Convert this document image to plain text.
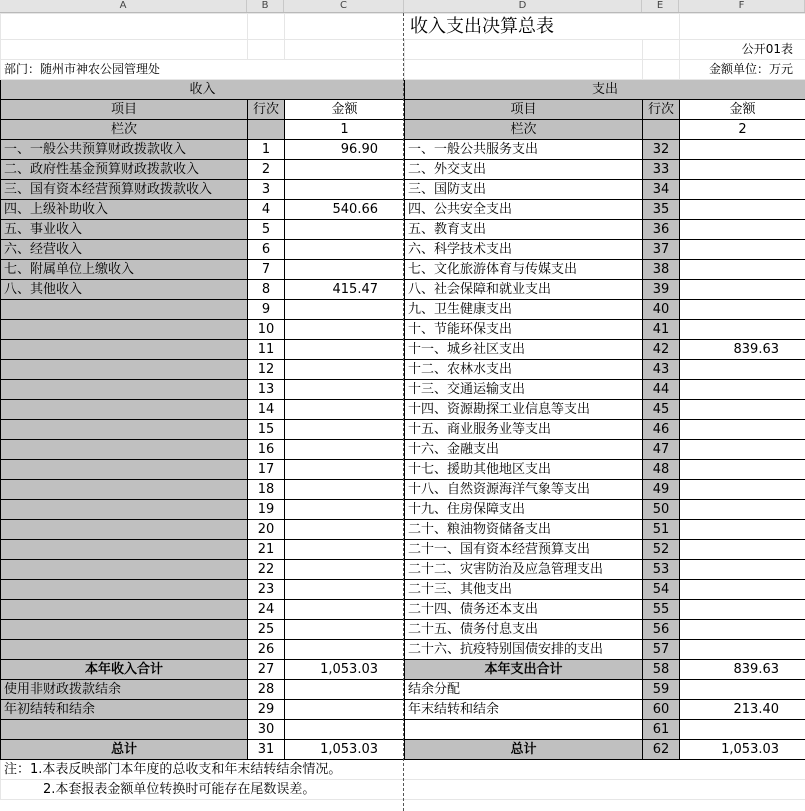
A	B	C	D	E	F
		收入支出决算总表			
					公开01表
部门：随州市神农公园管理处					金额单位：万元
收入			支出		
项目	行次	金额	项目	行次	金额
栏次		1	栏次		2
一、一般公共预算财政拨款收入	1	96.90	一、一般公共服务支出	32	
二、政府性基金预算财政拨款收入	2		二、外交支出	33	
三、国有资本经营预算财政拨款收入	3		三、国防支出	34	
四、上级补助收入	4	540.66	四、公共安全支出	35	
五、事业收入	5		五、教育支出	36	
六、经营收入	6		六、科学技术支出	37	
七、附属单位上缴收入	7		七、文化旅游体育与传媒支出	38	
八、其他收入	8	415.47	八、社会保障和就业支出	39	
	9		九、卫生健康支出	40	
	10		十、节能环保支出	41	
	11		十一、城乡社区支出	42	839.63
	12		十二、农林水支出	43	
	13		十三、交通运输支出	44	
	14		十四、资源勘探工业信息等支出	45	
	15		十五、商业服务业等支出	46	
	16		十六、金融支出	47	
	17		十七、援助其他地区支出	48	
	18		十八、自然资源海洋气象等支出	49	
	19		十九、住房保障支出	50	
	20		二十、粮油物资储备支出	51	
	21		二十一、国有资本经营预算支出	52	
	22		二十二、灾害防治及应急管理支出	53	
	23		二十三、其他支出	54	
	24		二十四、债务还本支出	55	
	25		二十五、债务付息支出	56	
	26		二十六、抗疫特别国债安排的支出	57	
本年收入合计	27	1,053.03	本年支出合计	58	839.63
使用非财政拨款结余	28		结余分配	59	
年初结转和结余	29		年末结转和结余	60	213.40
	30			61	
总计	31	1,053.03	总计	62	1,053.03
注：1.本表反映部门本年度的总收支和年末结转结余情况。					
2.本套报表金额单位转换时可能存在尾数误差。					
